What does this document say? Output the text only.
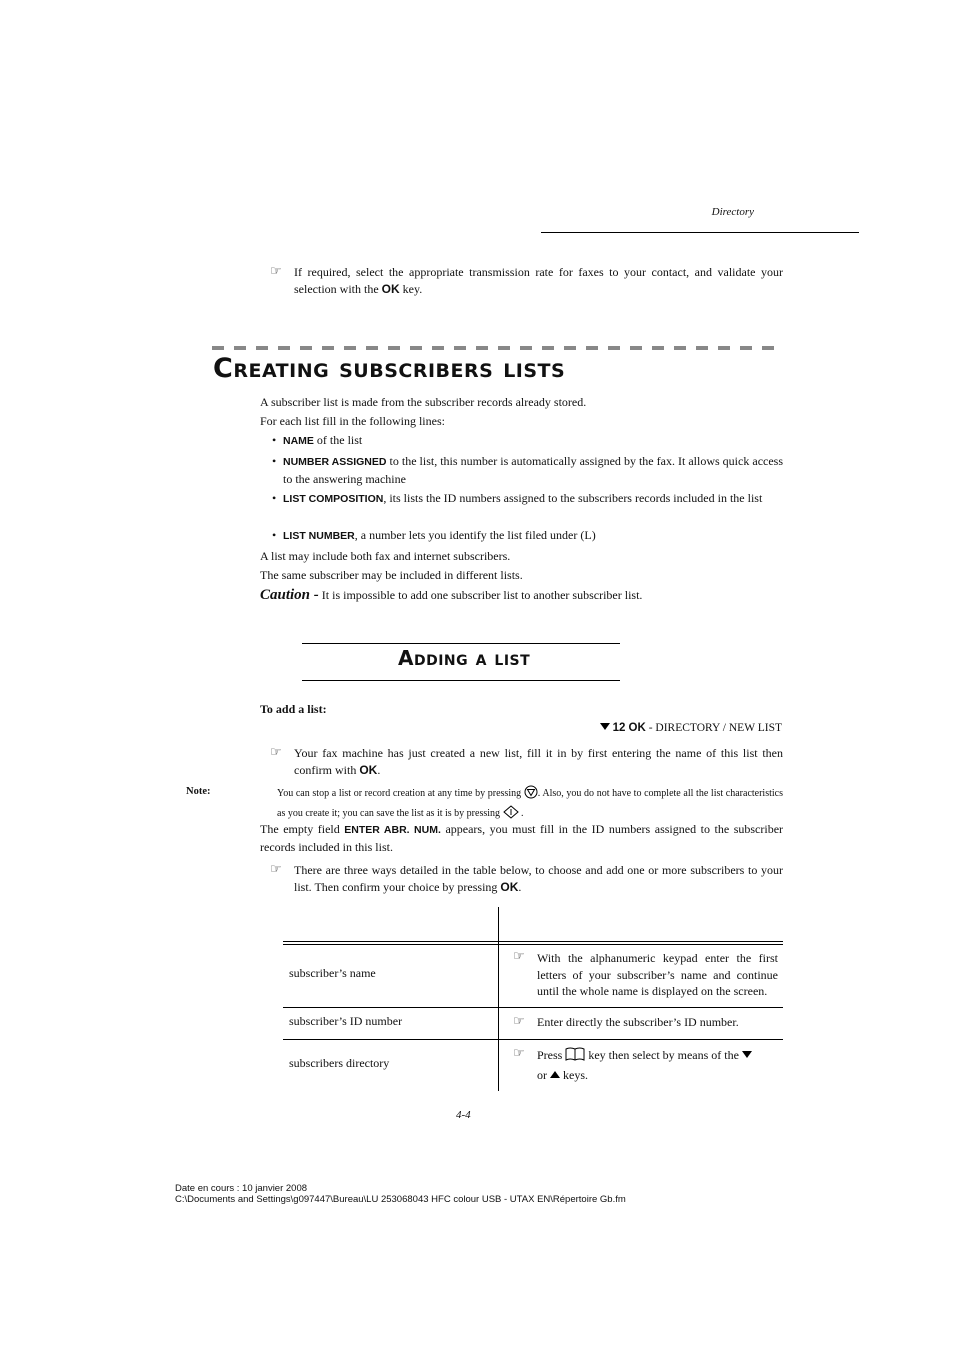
Directory
☞ If required, select the appropriate transmission rate for faxes to your contact, and validate your selection with the OK key.
Creating subscribers lists
A subscriber list is made from the subscriber records already stored.
For each list fill in the following lines:
• NAME of the list
• NUMBER ASSIGNED to the list, this number is automatically assigned by the fax. It allows quick access to the answering machine
• LIST COMPOSITION, its lists the ID numbers assigned to the subscribers records included in the list
• LIST NUMBER, a number lets you identify the list filed under (L)
A list may include both fax and internet subscribers.
The same subscriber may be included in different lists.
Caution - It is impossible to add one subscriber list to another subscriber list.
Adding a list
To add a list:
12 OK - DIRECTORY / NEW LIST
☞ Your fax machine has just created a new list, fill it in by first entering the name of this list then confirm with OK.
Note:	You can stop a list or record creation at any time by pressing . Also, you do not have to complete all the list characteristics as you create it; you can save the list as it is by pressing  .
The empty field ENTER ABR. NUM. appears, you must fill in the ID numbers assigned to the subscriber records included in this list.
☞ There are three ways detailed in the table below, to choose and add one or more subscribers to your list. Then confirm your choice by pressing OK.
subscriber’s name
☞ With the alphanumeric keypad enter the first letters of your subscriber’s name and continue until the whole name is displayed on the screen.
subscriber’s ID number	☞ Enter directly the subscriber’s ID number.
subscribers directory
☞ Press  key then select by means of the
or  keys.
4-4
Date en cours : 10 janvier 2008
C:\Documents and Settings\g097447\Bureau\LU 253068043 HFC colour USB - UTAX EN\Répertoire Gb.fm
